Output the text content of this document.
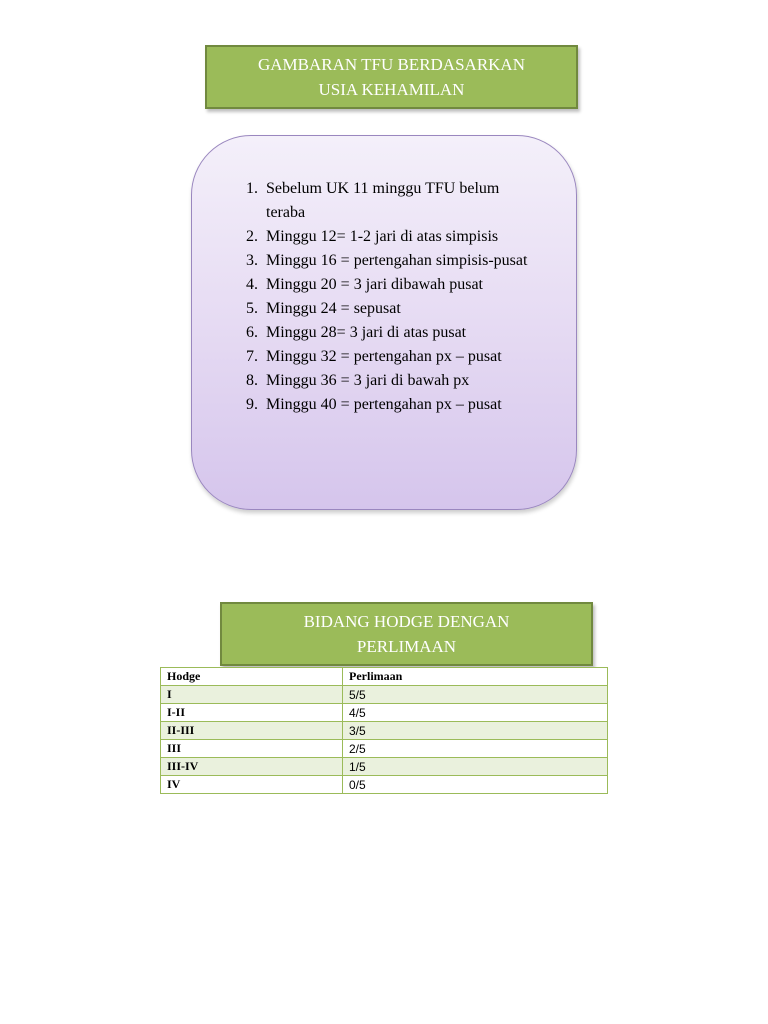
GAMBARAN TFU BERDASARKAN
USIA KEHAMILAN
1. Sebelum UK 11 minggu TFU belum teraba
2. Minggu 12= 1-2 jari di atas simpisis
3. Minggu 16 = pertengahan simpisis-pusat
4. Minggu 20 = 3 jari dibawah pusat
5. Minggu 24 = sepusat
6. Minggu 28= 3 jari di atas pusat
7. Minggu 32 = pertengahan px – pusat
8. Minggu 36 = 3 jari di bawah px
9. Minggu 40 = pertengahan px – pusat
BIDANG HODGE DENGAN
PERLIMAAN
Hodge	Perlimaan
I	5/5
I-II	4/5
II-III	3/5
III	2/5
III-IV	1/5
IV	0/5
